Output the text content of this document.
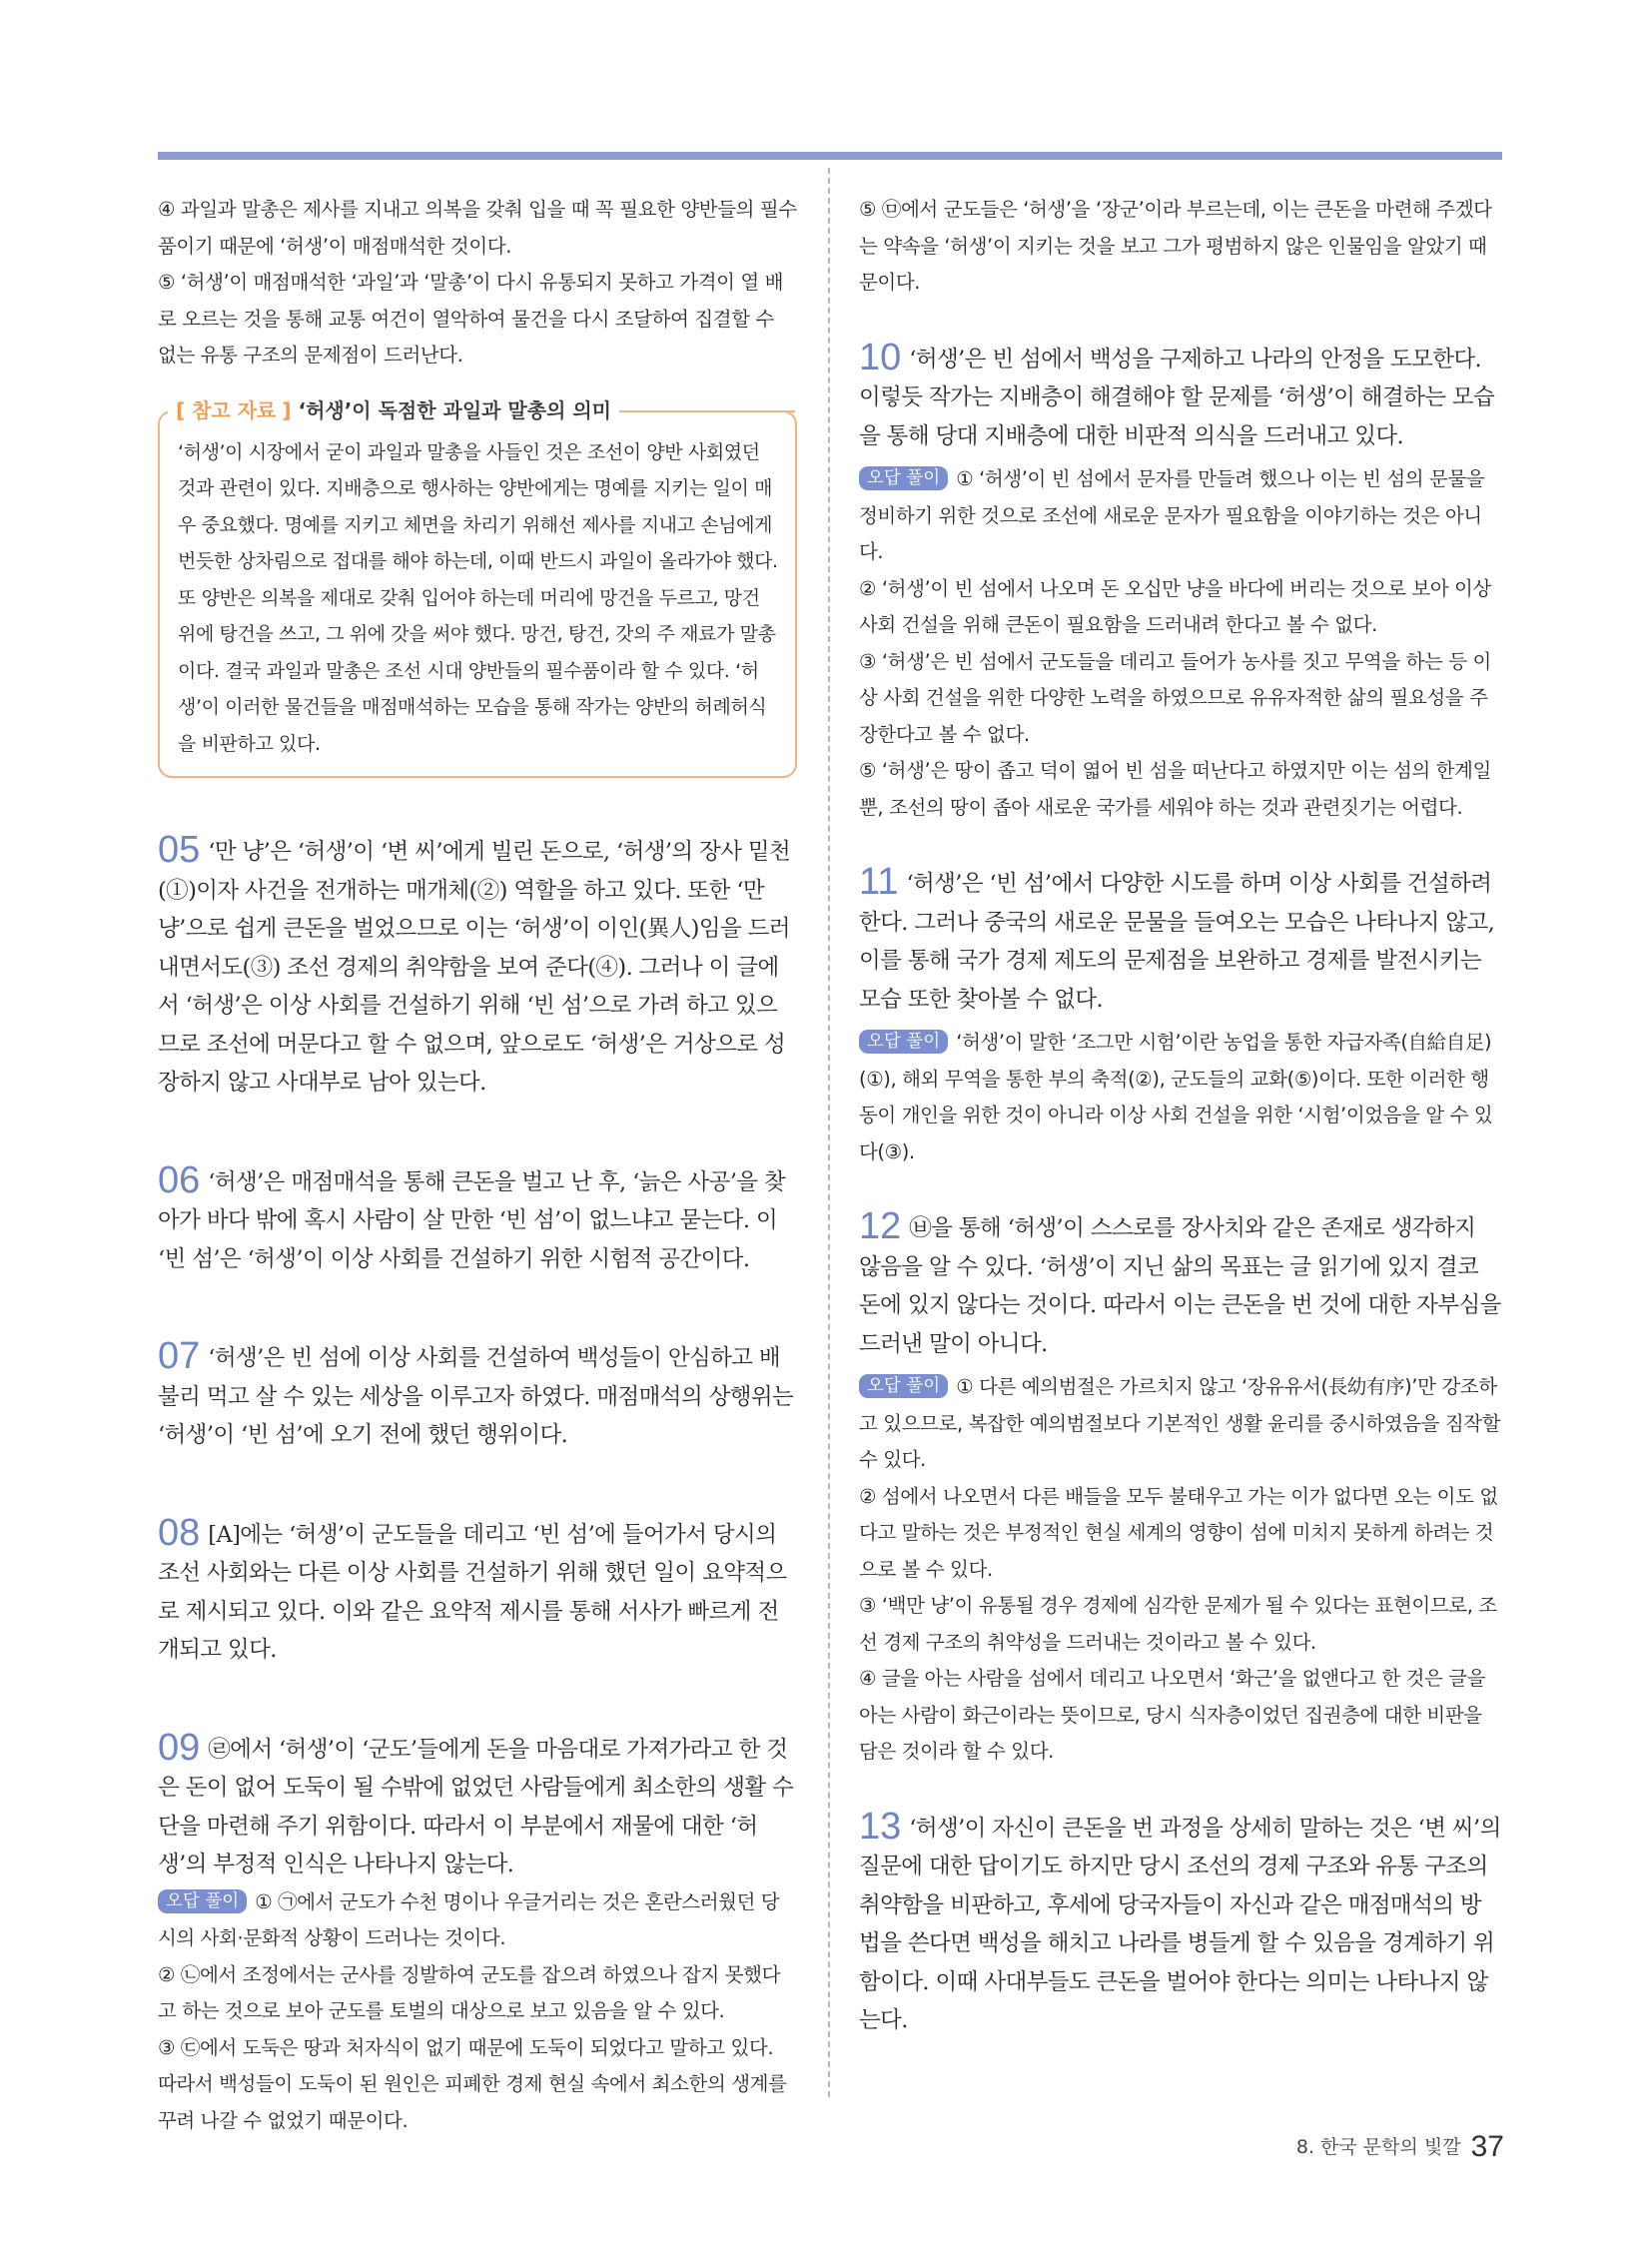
④ 과일과 말총은 제사를 지내고 의복을 갖춰 입을 때 꼭 필요한 양반들의 필수품이기 때문에 ‘허생’이 매점매석한 것이다.

⑤ ‘허생’이 매점매석한 ‘과일’과 ‘말총’이 다시 유통되지 못하고 가격이 열 배로 오르는 것을 통해 교통 여건이 열악하여 물건을 다시 조달하여 집결할 수 없는 유통 구조의 문제점이 드러난다.

[ 참고 자료 ] ‘허생’이 독점한 과일과 말총의 의미

‘허생’이 시장에서 굳이 과일과 말총을 사들인 것은 조선이 양반 사회였던 것과 관련이 있다. 지배층으로 행사하는 양반에게는 명예를 지키는 일이 매우 중요했다. 명예를 지키고 체면을 차리기 위해선 제사를 지내고 손님에게 번듯한 상차림으로 접대를 해야 하는데, 이때 반드시 과일이 올라가야 했다. 또 양반은 의복을 제대로 갖춰 입어야 하는데 머리에 망건을 두르고, 망건 위에 탕건을 쓰고, 그 위에 갓을 써야 했다. 망건, 탕건, 갓의 주 재료가 말총이다. 결국 과일과 말총은 조선 시대 양반들의 필수품이라 할 수 있다. ‘허생’이 이러한 물건들을 매점매석하는 모습을 통해 작가는 양반의 허례허식을 비판하고 있다.

05 ‘만 냥’은 ‘허생’이 ‘변 씨’에게 빌린 돈으로, ‘허생’의 장사 밑천(①)이자 사건을 전개하는 매개체(②) 역할을 하고 있다. 또한 ‘만 냥’으로 쉽게 큰돈을 벌었으므로 이는 ‘허생’이 이인(異人)임을 드러내면서도(③) 조선 경제의 취약함을 보여 준다(④). 그러나 이 글에서 ‘허생’은 이상 사회를 건설하기 위해 ‘빈 섬’으로 가려 하고 있으므로 조선에 머문다고 할 수 없으며, 앞으로도 ‘허생’은 거상으로 성장하지 않고 사대부로 남아 있는다.

06 ‘허생’은 매점매석을 통해 큰돈을 벌고 난 후, ‘늙은 사공’을 찾아가 바다 밖에 혹시 사람이 살 만한 ‘빈 섬’이 없느냐고 묻는다. 이 ‘빈 섬’은 ‘허생’이 이상 사회를 건설하기 위한 시험적 공간이다.

07 ‘허생’은 빈 섬에 이상 사회를 건설하여 백성들이 안심하고 배불리 먹고 살 수 있는 세상을 이루고자 하였다. 매점매석의 상행위는 ‘허생’이 ‘빈 섬’에 오기 전에 했던 행위이다.

08 [A]에는 ‘허생’이 군도들을 데리고 ‘빈 섬’에 들어가서 당시의 조선 사회와는 다른 이상 사회를 건설하기 위해 했던 일이 요약적으로 제시되고 있다. 이와 같은 요약적 제시를 통해 서사가 빠르게 전개되고 있다.

09 ㉣에서 ‘허생’이 ‘군도’들에게 돈을 마음대로 가져가라고 한 것은 돈이 없어 도둑이 될 수밖에 없었던 사람들에게 최소한의 생활 수단을 마련해 주기 위함이다. 따라서 이 부분에서 재물에 대한 ‘허생’의 부정적 인식은 나타나지 않는다.

오답 풀이 ① ㉠에서 군도가 수천 명이나 우글거리는 것은 혼란스러웠던 당시의 사회·문화적 상황이 드러나는 것이다.

② ㉡에서 조정에서는 군사를 징발하여 군도를 잡으려 하였으나 잡지 못했다고 하는 것으로 보아 군도를 토벌의 대상으로 보고 있음을 알 수 있다.

③ ㉢에서 도둑은 땅과 처자식이 없기 때문에 도둑이 되었다고 말하고 있다. 따라서 백성들이 도둑이 된 원인은 피폐한 경제 현실 속에서 최소한의 생계를 꾸려 나갈 수 없었기 때문이다.

⑤ ㉤에서 군도들은 ‘허생’을 ‘장군’이라 부르는데, 이는 큰돈을 마련해 주겠다는 약속을 ‘허생’이 지키는 것을 보고 그가 평범하지 않은 인물임을 알았기 때문이다.

10 ‘허생’은 빈 섬에서 백성을 구제하고 나라의 안정을 도모한다. 이렇듯 작가는 지배층이 해결해야 할 문제를 ‘허생’이 해결하는 모습을 통해 당대 지배층에 대한 비판적 의식을 드러내고 있다.

오답 풀이 ① ‘허생’이 빈 섬에서 문자를 만들려 했으나 이는 빈 섬의 문물을 정비하기 위한 것으로 조선에 새로운 문자가 필요함을 이야기하는 것은 아니다.

② ‘허생’이 빈 섬에서 나오며 돈 오십만 냥을 바다에 버리는 것으로 보아 이상 사회 건설을 위해 큰돈이 필요함을 드러내려 한다고 볼 수 없다.

③ ‘허생’은 빈 섬에서 군도들을 데리고 들어가 농사를 짓고 무역을 하는 등 이상 사회 건설을 위한 다양한 노력을 하였으므로 유유자적한 삶의 필요성을 주장한다고 볼 수 없다.

⑤ ‘허생’은 땅이 좁고 덕이 엷어 빈 섬을 떠난다고 하였지만 이는 섬의 한계일 뿐, 조선의 땅이 좁아 새로운 국가를 세워야 하는 것과 관련짓기는 어렵다.

11 ‘허생’은 ‘빈 섬’에서 다양한 시도를 하며 이상 사회를 건설하려 한다. 그러나 중국의 새로운 문물을 들여오는 모습은 나타나지 않고, 이를 통해 국가 경제 제도의 문제점을 보완하고 경제를 발전시키는 모습 또한 찾아볼 수 없다.

오답 풀이 ‘허생’이 말한 ‘조그만 시험’이란 농업을 통한 자급자족(自給自足)(①), 해외 무역을 통한 부의 축적(②), 군도들의 교화(⑤)이다. 또한 이러한 행동이 개인을 위한 것이 아니라 이상 사회 건설을 위한 ‘시험’이었음을 알 수 있다(③).

12 ㉥을 통해 ‘허생’이 스스로를 장사치와 같은 존재로 생각하지 않음을 알 수 있다. ‘허생’이 지닌 삶의 목표는 글 읽기에 있지 결코 돈에 있지 않다는 것이다. 따라서 이는 큰돈을 번 것에 대한 자부심을 드러낸 말이 아니다.

오답 풀이 ① 다른 예의범절은 가르치지 않고 ‘장유유서(長幼有序)’만 강조하고 있으므로, 복잡한 예의범절보다 기본적인 생활 윤리를 중시하였음을 짐작할 수 있다.

② 섬에서 나오면서 다른 배들을 모두 불태우고 가는 이가 없다면 오는 이도 없다고 말하는 것은 부정적인 현실 세계의 영향이 섬에 미치지 못하게 하려는 것으로 볼 수 있다.

③ ‘백만 냥’이 유통될 경우 경제에 심각한 문제가 될 수 있다는 표현이므로, 조선 경제 구조의 취약성을 드러내는 것이라고 볼 수 있다.

④ 글을 아는 사람을 섬에서 데리고 나오면서 ‘화근’을 없앤다고 한 것은 글을 아는 사람이 화근이라는 뜻이므로, 당시 식자층이었던 집권층에 대한 비판을 담은 것이라 할 수 있다.

13 ‘허생’이 자신이 큰돈을 번 과정을 상세히 말하는 것은 ‘변 씨’의 질문에 대한 답이기도 하지만 당시 조선의 경제 구조와 유통 구조의 취약함을 비판하고, 후세에 당국자들이 자신과 같은 매점매석의 방법을 쓴다면 백성을 해치고 나라를 병들게 할 수 있음을 경계하기 위함이다. 이때 사대부들도 큰돈을 벌어야 한다는 의미는 나타나지 않는다.

8. 한국 문학의 빛깔 37
